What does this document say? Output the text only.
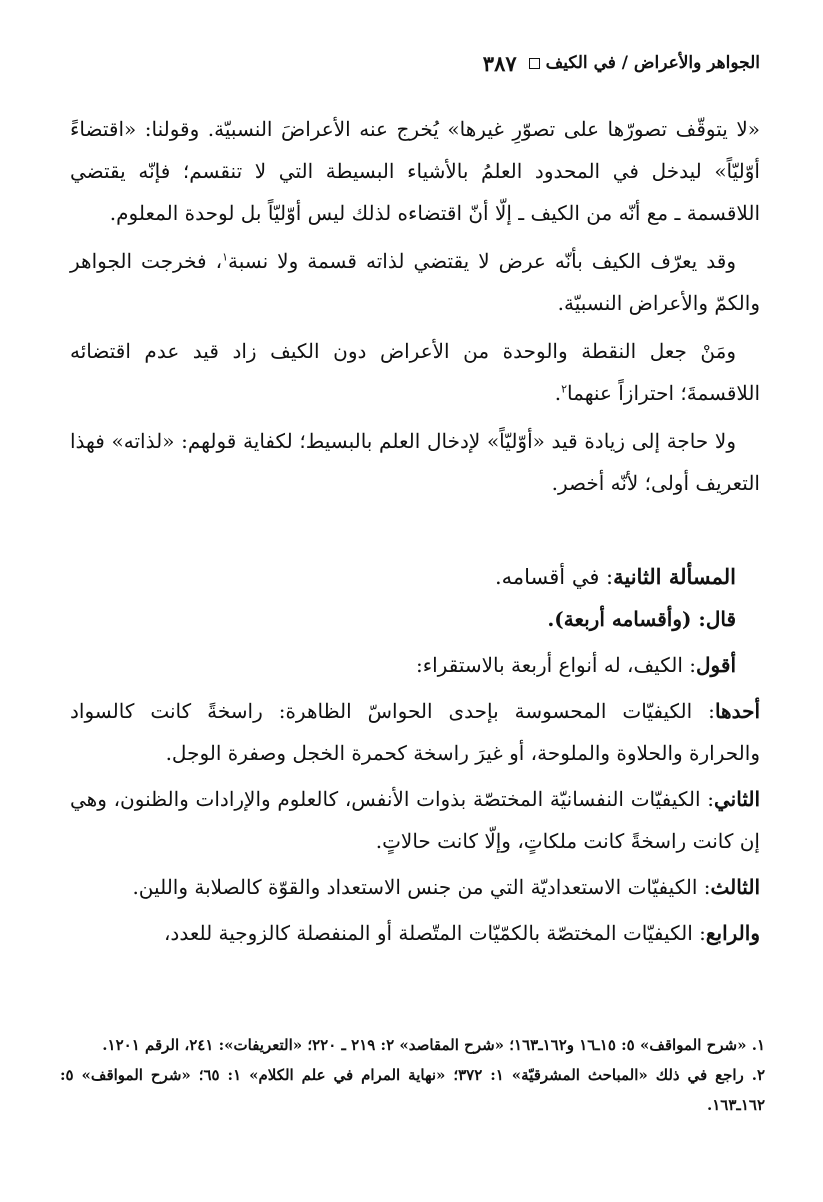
٣٨٧ الجواهر والأعراض / في الكيف

«لا يتوقّف تصورّها على تصوّرِ غيرها» يُخرج عنه الأعراضَ النسبيّة. وقولنا: «اقتضاءً أوّليّاً» ليدخل في المحدود العلمُ بالأشياء البسيطة التي لا تنقسم؛ فإنّه يقتضي اللاقسمة ـ مع أنّه من الكيف ـ إلّا أنّ اقتضاءه لذلك ليس أوّليّاً بل لوحدة المعلوم.

وقد يعرّف الكيف بأنّه عرض لا يقتضي لذاته قسمة ولا نسبة$^١$، فخرجت الجواهر والكمّ والأعراض النسبيّة.

ومَنْ جعل النقطة والوحدة من الأعراض دون الكيف زاد قيد عدم اقتضائه اللاقسمةَ؛ احترازاً عنهما$^٢$.

ولا حاجة إلى زيادة قيد «أوّليّاً» لإدخال العلم بالبسيط؛ لكفاية قولهم: «لذاته» فهذا التعريف أولى؛ لأنّه أخصر.

المسألة الثانية: في أقسامه.

قال: (وأقسامه أربعة).

أقول: الكيف، له أنواع أربعة بالاستقراء:

أحدها: الكيفيّات المحسوسة بإحدى الحواسّ الظاهرة: راسخةً كانت كالسواد والحرارة والحلاوة والملوحة، أو غيرَ راسخة كحمرة الخجل وصفرة الوجل.

الثاني: الكيفيّات النفسانيّة المختصّة بذوات الأنفس، كالعلوم والإرادات والظنون، وهي إن كانت راسخةً كانت ملكاتٍ، وإلّا كانت حالاتٍ.

الثالث: الكيفيّات الاستعداديّة التي من جنس الاستعداد والقوّة كالصلابة واللين.

والرابع: الكيفيّات المختصّة بالكمّيّات المتّصلة أو المنفصلة كالزوجية للعدد،

١. «شرح المواقف» ٥: ١٥ـ١٦ و١٦٢ـ١٦٣؛ «شرح المقاصد» ٢: ٢١٩ ـ ٢٢٠؛ «التعريفات»: ٢٤١، الرقم ١٢٠١.

٢. راجع في ذلك «المباحث المشرقيّة» ١: ٣٧٢؛ «نهاية المرام في علم الكلام» ١: ٦٥؛ «شرح المواقف» ٥: ١٦٢ـ١٦٣.
